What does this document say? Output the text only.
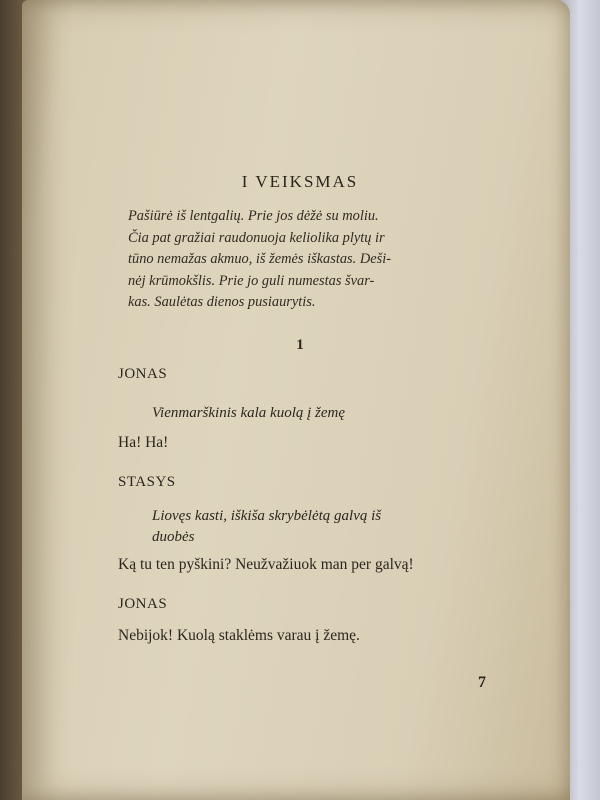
I VEIKSMAS
Pašiūrė iš lentgalių. Prie jos dėžė su moliu.
Čia pat gražiai raudonuoja keliolika plytų ir
tūno nemažas akmuo, iš žemės iškastas. Deši-
nėj krūmokšlis. Prie jo guli numestas švar-
kas. Saulėtas dienos pusiaurytis.
1
JONAS
Vienmarškinis kala kuolą į žemę
Ha! Ha!
STASYS
Liovęs kasti, iškiša skrybėlėtą galvą iš
duobės
Ką tu ten pyškini? Neužvažiuok man per galvą!
JONAS
Nebijok! Kuolą staklėms varau į žemę.
7
